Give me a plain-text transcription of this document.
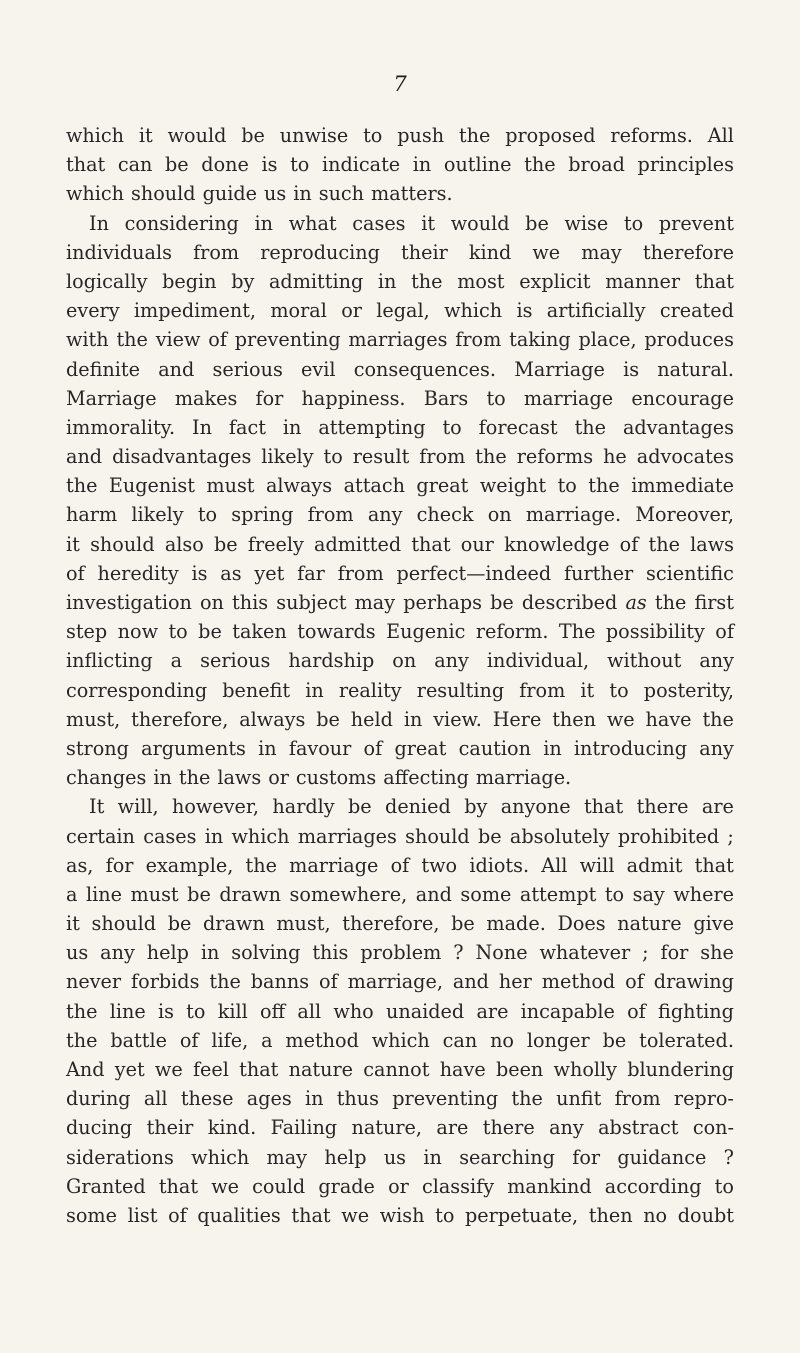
7
which it would be unwise to push the proposed reforms. All
that can be done is to indicate in outline the broad principles
which should guide us in such matters.
In considering in what cases it would be wise to prevent
individuals from reproducing their kind we may therefore
logically begin by admitting in the most explicit manner that
every impediment, moral or legal, which is artificially created
with the view of preventing marriages from taking place, produces
definite and serious evil consequences. Marriage is natural.
Marriage makes for happiness. Bars to marriage encourage
immorality. In fact in attempting to forecast the advantages
and disadvantages likely to result from the reforms he advocates
the Eugenist must always attach great weight to the immediate
harm likely to spring from any check on marriage. Moreover,
it should also be freely admitted that our knowledge of the laws
of heredity is as yet far from perfect—indeed further scientific
investigation on this subject may perhaps be described as the first
step now to be taken towards Eugenic reform. The possibility of
inflicting a serious hardship on any individual, without any
corresponding benefit in reality resulting from it to posterity,
must, therefore, always be held in view. Here then we have the
strong arguments in favour of great caution in introducing any
changes in the laws or customs affecting marriage.
It will, however, hardly be denied by anyone that there are
certain cases in which marriages should be absolutely prohibited ;
as, for example, the marriage of two idiots. All will admit that
a line must be drawn somewhere, and some attempt to say where
it should be drawn must, therefore, be made. Does nature give
us any help in solving this problem ? None whatever ; for she
never forbids the banns of marriage, and her method of drawing
the line is to kill off all who unaided are incapable of fighting
the battle of life, a method which can no longer be tolerated.
And yet we feel that nature cannot have been wholly blundering
during all these ages in thus preventing the unfit from repro-
ducing their kind. Failing nature, are there any abstract con-
siderations which may help us in searching for guidance ?
Granted that we could grade or classify mankind according to
some list of qualities that we wish to perpetuate, then no doubt
